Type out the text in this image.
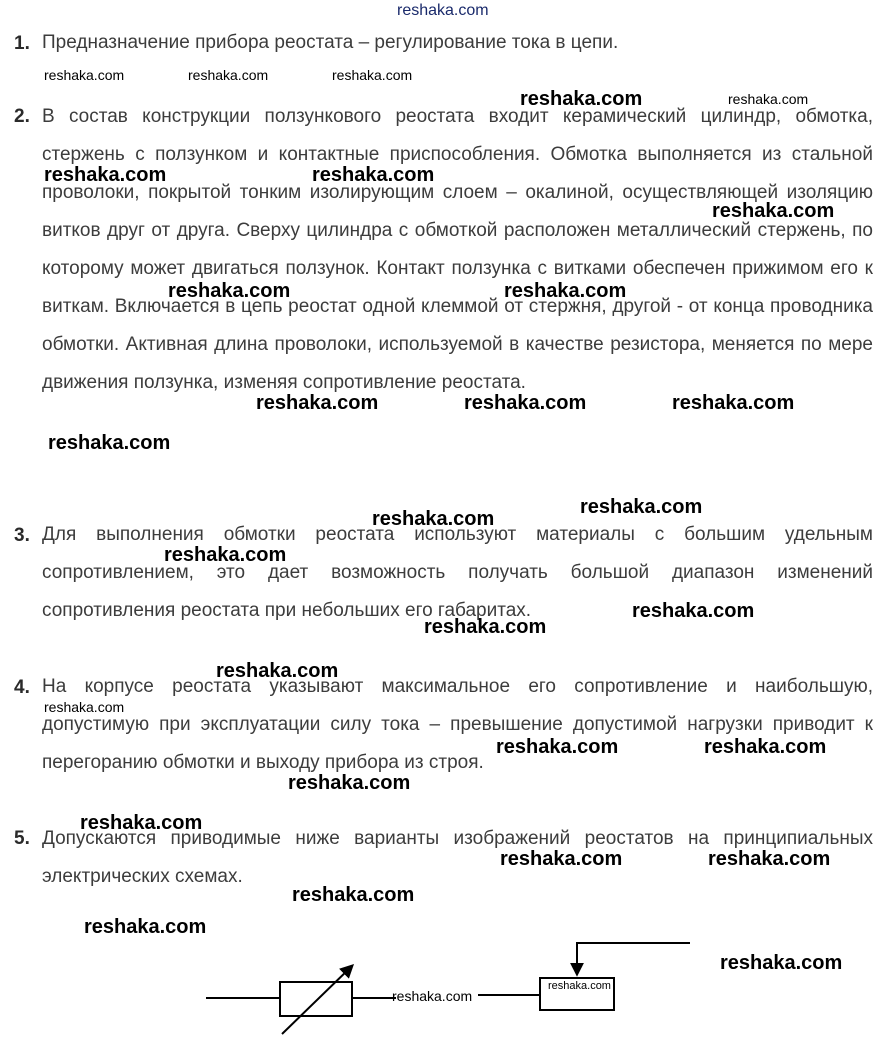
reshaka.com
1. Предназначение прибора реостата – регулирование тока в цепи.
2. В состав конструкции ползункового реостата входит керамический цилиндр, обмотка, стержень с ползунком и контактные приспособления. Обмотка выполняется из стальной проволоки, покрытой тонким изолирующим слоем – окалиной, осуществляющей изоляцию витков друг от друга. Сверху цилиндра с обмоткой расположен металлический стержень, по которому может двигаться ползунок. Контакт ползунка с витками обеспечен прижимом его к виткам. Включается в цепь реостат одной клеммой от стержня, другой - от конца проводника обмотки. Активная длина проволоки, используемой в качестве резистора, меняется по мере движения ползунка, изменяя сопротивление реостата.
3. Для выполнения обмотки реостата используют материалы с большим удельным сопротивлением, это дает возможность получать большой диапазон изменений сопротивления реостата при небольших его габаритах.
4. На корпусе реостата указывают максимальное его сопротивление и наибольшую, допустимую при эксплуатации силу тока – превышение допустимой нагрузки приводит к перегоранию обмотки и выходу прибора из строя.
5. Допускаются приводимые ниже варианты изображений реостатов на принципиальных электрических схемах.
reshaka.com	reshaka.com	reshaka.com
reshaka.com	reshaka.com
reshaka.com	reshaka.com
reshaka.com
reshaka.com	reshaka.com
reshaka.com	reshaka.com	reshaka.com
reshaka.com
reshaka.com
reshaka.com
reshaka.com
reshaka.com
reshaka.com
reshaka.com
reshaka.com
reshaka.com	reshaka.com
reshaka.com
reshaka.com
reshaka.com	reshaka.com
reshaka.com
reshaka.com
reshaka.com
reshaka.com
reshaka.com
